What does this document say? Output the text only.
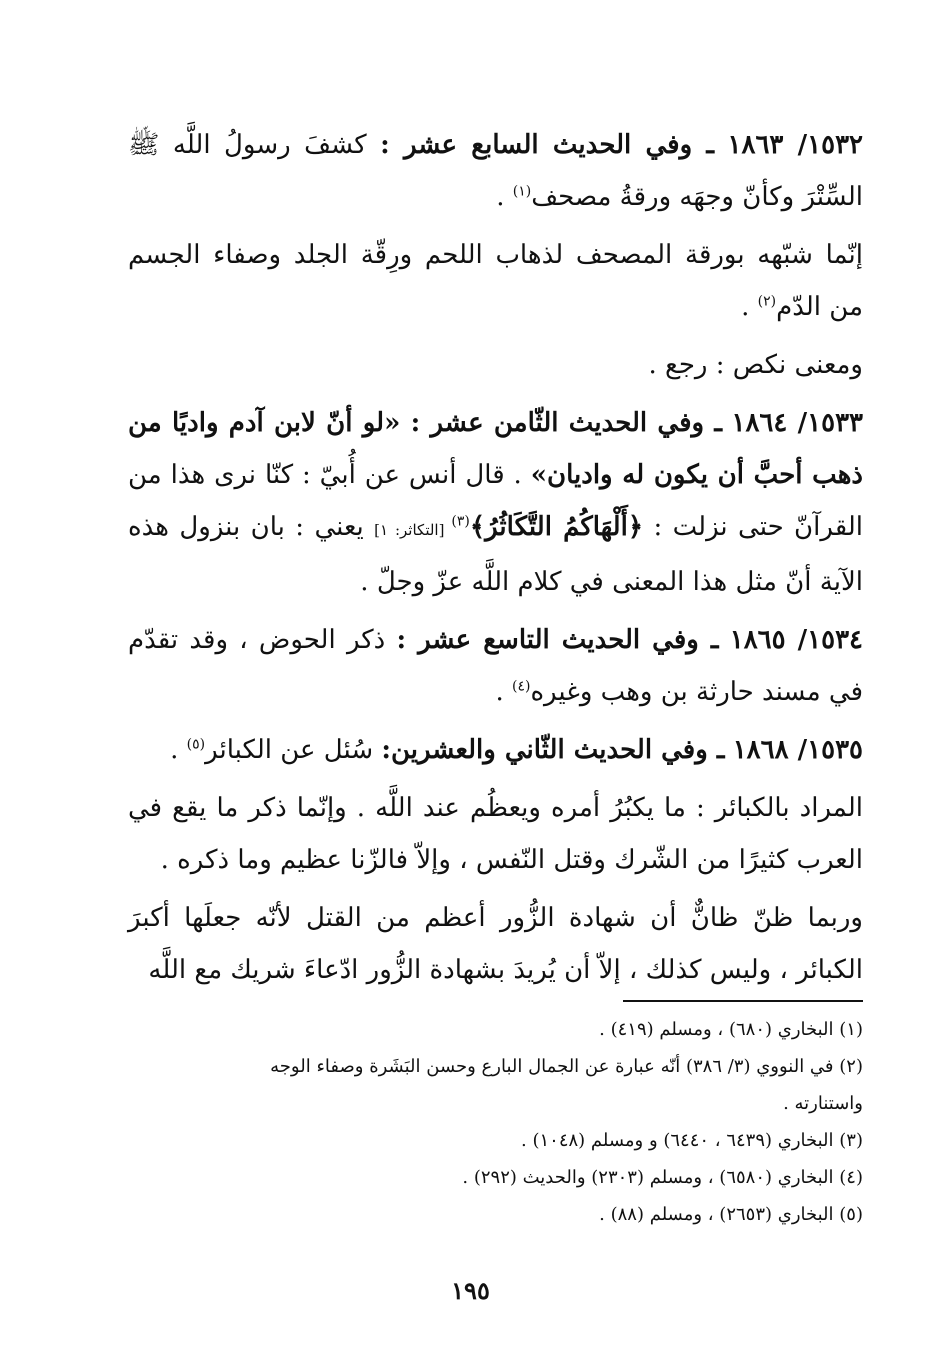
١٥٣٢/ ١٨٦٣ ـ وفي الحديث السابع عشر : كشفَ رسولُ اللَّه ﷺ السِّتْرَ وكأنّ وجهَه ورقةُ مصحف$^{(١)}$ .

إنّما شبّهه بورقة المصحف لذهاب اللحم ورِقّة الجلد وصفاء الجسم من الدّم$^{(٢)}$ .

ومعنى نكص : رجع .

١٥٣٣/ ١٨٦٤ ـ وفي الحديث الثّامن عشر : «لو أنّ لابن آدم واديًا من ذهب أحبَّ أن يكون له واديان» . قال أنس عن أُبيّ : كنّا نرى هذا من القرآنّ حتى نزلت : ﴿أَلْهَاكُمُ التَّكَاثُرُ﴾$^{(٣)}$ [التكاثر: ١] يعني : بان بنزول هذه الآية أنّ مثل هذا المعنى في كلام اللَّه عزّ وجلّ .

١٥٣٤/ ١٨٦٥ ـ وفي الحديث التاسع عشر : ذكر الحوض ، وقد تقدّم في مسند حارثة بن وهب وغيره$^{(٤)}$ .

١٥٣٥/ ١٨٦٨ ـ وفي الحديث الثّاني والعشرين: سُئل عن الكبائر$^{(٥)}$ .

المراد بالكبائر : ما يكبُرُ أمره ويعظُم عند اللَّه . وإنّما ذكر ما يقع في العرب كثيرًا من الشّرك وقتل النّفس ، وإلاّ فالزّنا عظيم وما ذكره .

وربما ظنّ ظانٌّ أن شهادة الزُّور أعظم من القتل لأنّه جعلَها أكبرَ الكبائر ، وليس كذلك ، إلاّ أن يُريدَ بشهادة الزُّور ادّعاءَ شريك مع اللَّه

(١) البخاري (٦٨٠) ، ومسلم (٤١٩) .
(٢) في النووي (٣/ ٣٨٦) أنّه عبارة عن الجمال البارع وحسن البَشَرة وصفاء الوجه
واستنارته .
(٣) البخاري (٦٤٣٩ ، ٦٤٤٠) و ومسلم (١٠٤٨) .
(٤) البخاري (٦٥٨٠) ، ومسلم (٢٣٠٣) والحديث (٢٩٢) .
(٥) البخاري (٢٦٥٣) ، ومسلم (٨٨) .
١٩٥
